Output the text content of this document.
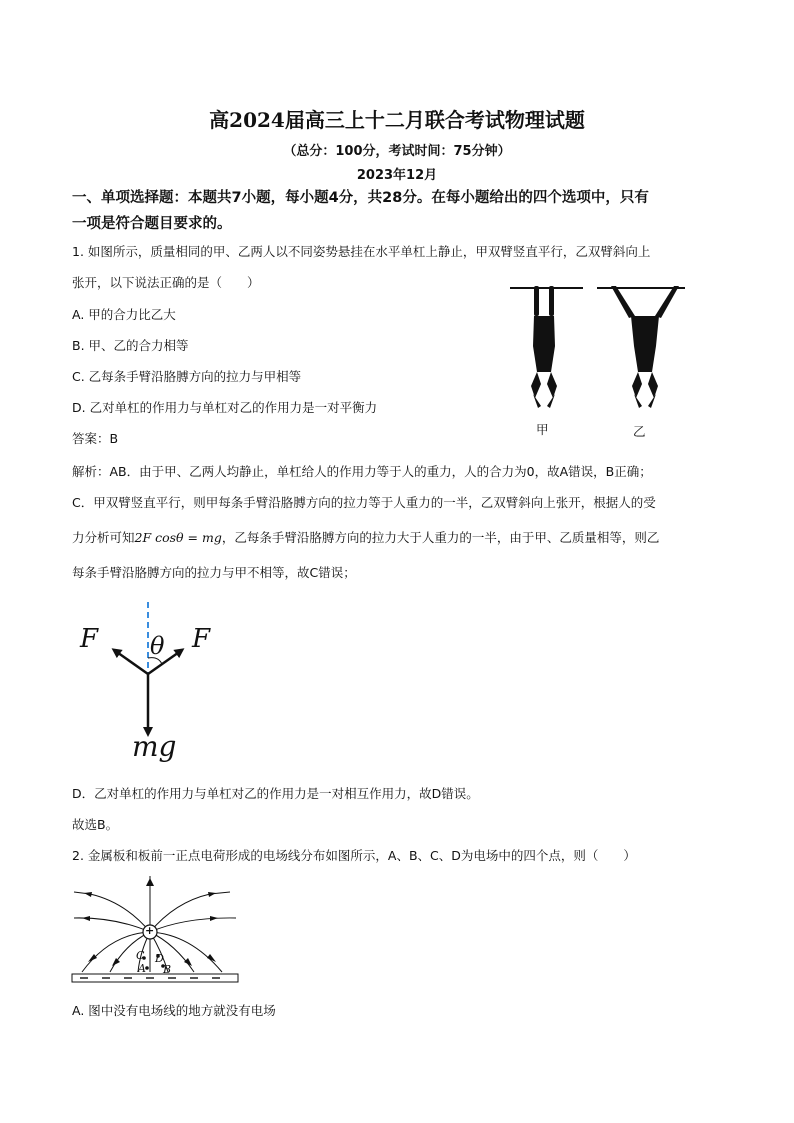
高2024届高三上十二月联合考试物理试题
（总分：100分，考试时间：75分钟）
2023年12月
一、单项选择题：本题共7小题，每小题4分，共28分。在每小题给出的四个选项中，只有
一项是符合题目要求的。
1. 如图所示，质量相同的甲、乙两人以不同姿势悬挂在水平单杠上静止，甲双臂竖直平行，乙双臂斜向上
张开，以下说法正确的是（　　）
A. 甲的合力比乙大
B. 甲、乙的合力相等
C. 乙每条手臂沿胳膊方向的拉力与甲相等
D. 乙对单杠的作用力与单杠对乙的作用力是一对平衡力
甲	乙
答案：B
解析：AB．由于甲、乙两人均静止，单杠给人的作用力等于人的重力，人的合力为0，故A错误，B正确；
C．甲双臂竖直平行，则甲每条手臂沿胳膊方向的拉力等于人重力的一半，乙双臂斜向上张开，根据人的受
力分析可知2F cosθ = mg，乙每条手臂沿胳膊方向的拉力大于人重力的一半，由于甲、乙质量相等，则乙
每条手臂沿胳膊方向的拉力与甲不相等，故C错误；
F	F
θ
mg
D．乙对单杠的作用力与单杠对乙的作用力是一对相互作用力，故D错误。
故选B。
2. 金属板和板前一正点电荷形成的电场线分布如图所示，A、B、C、D为电场中的四个点，则（　　）
+
C D
A B
A. 图中没有电场线的地方就没有电场
